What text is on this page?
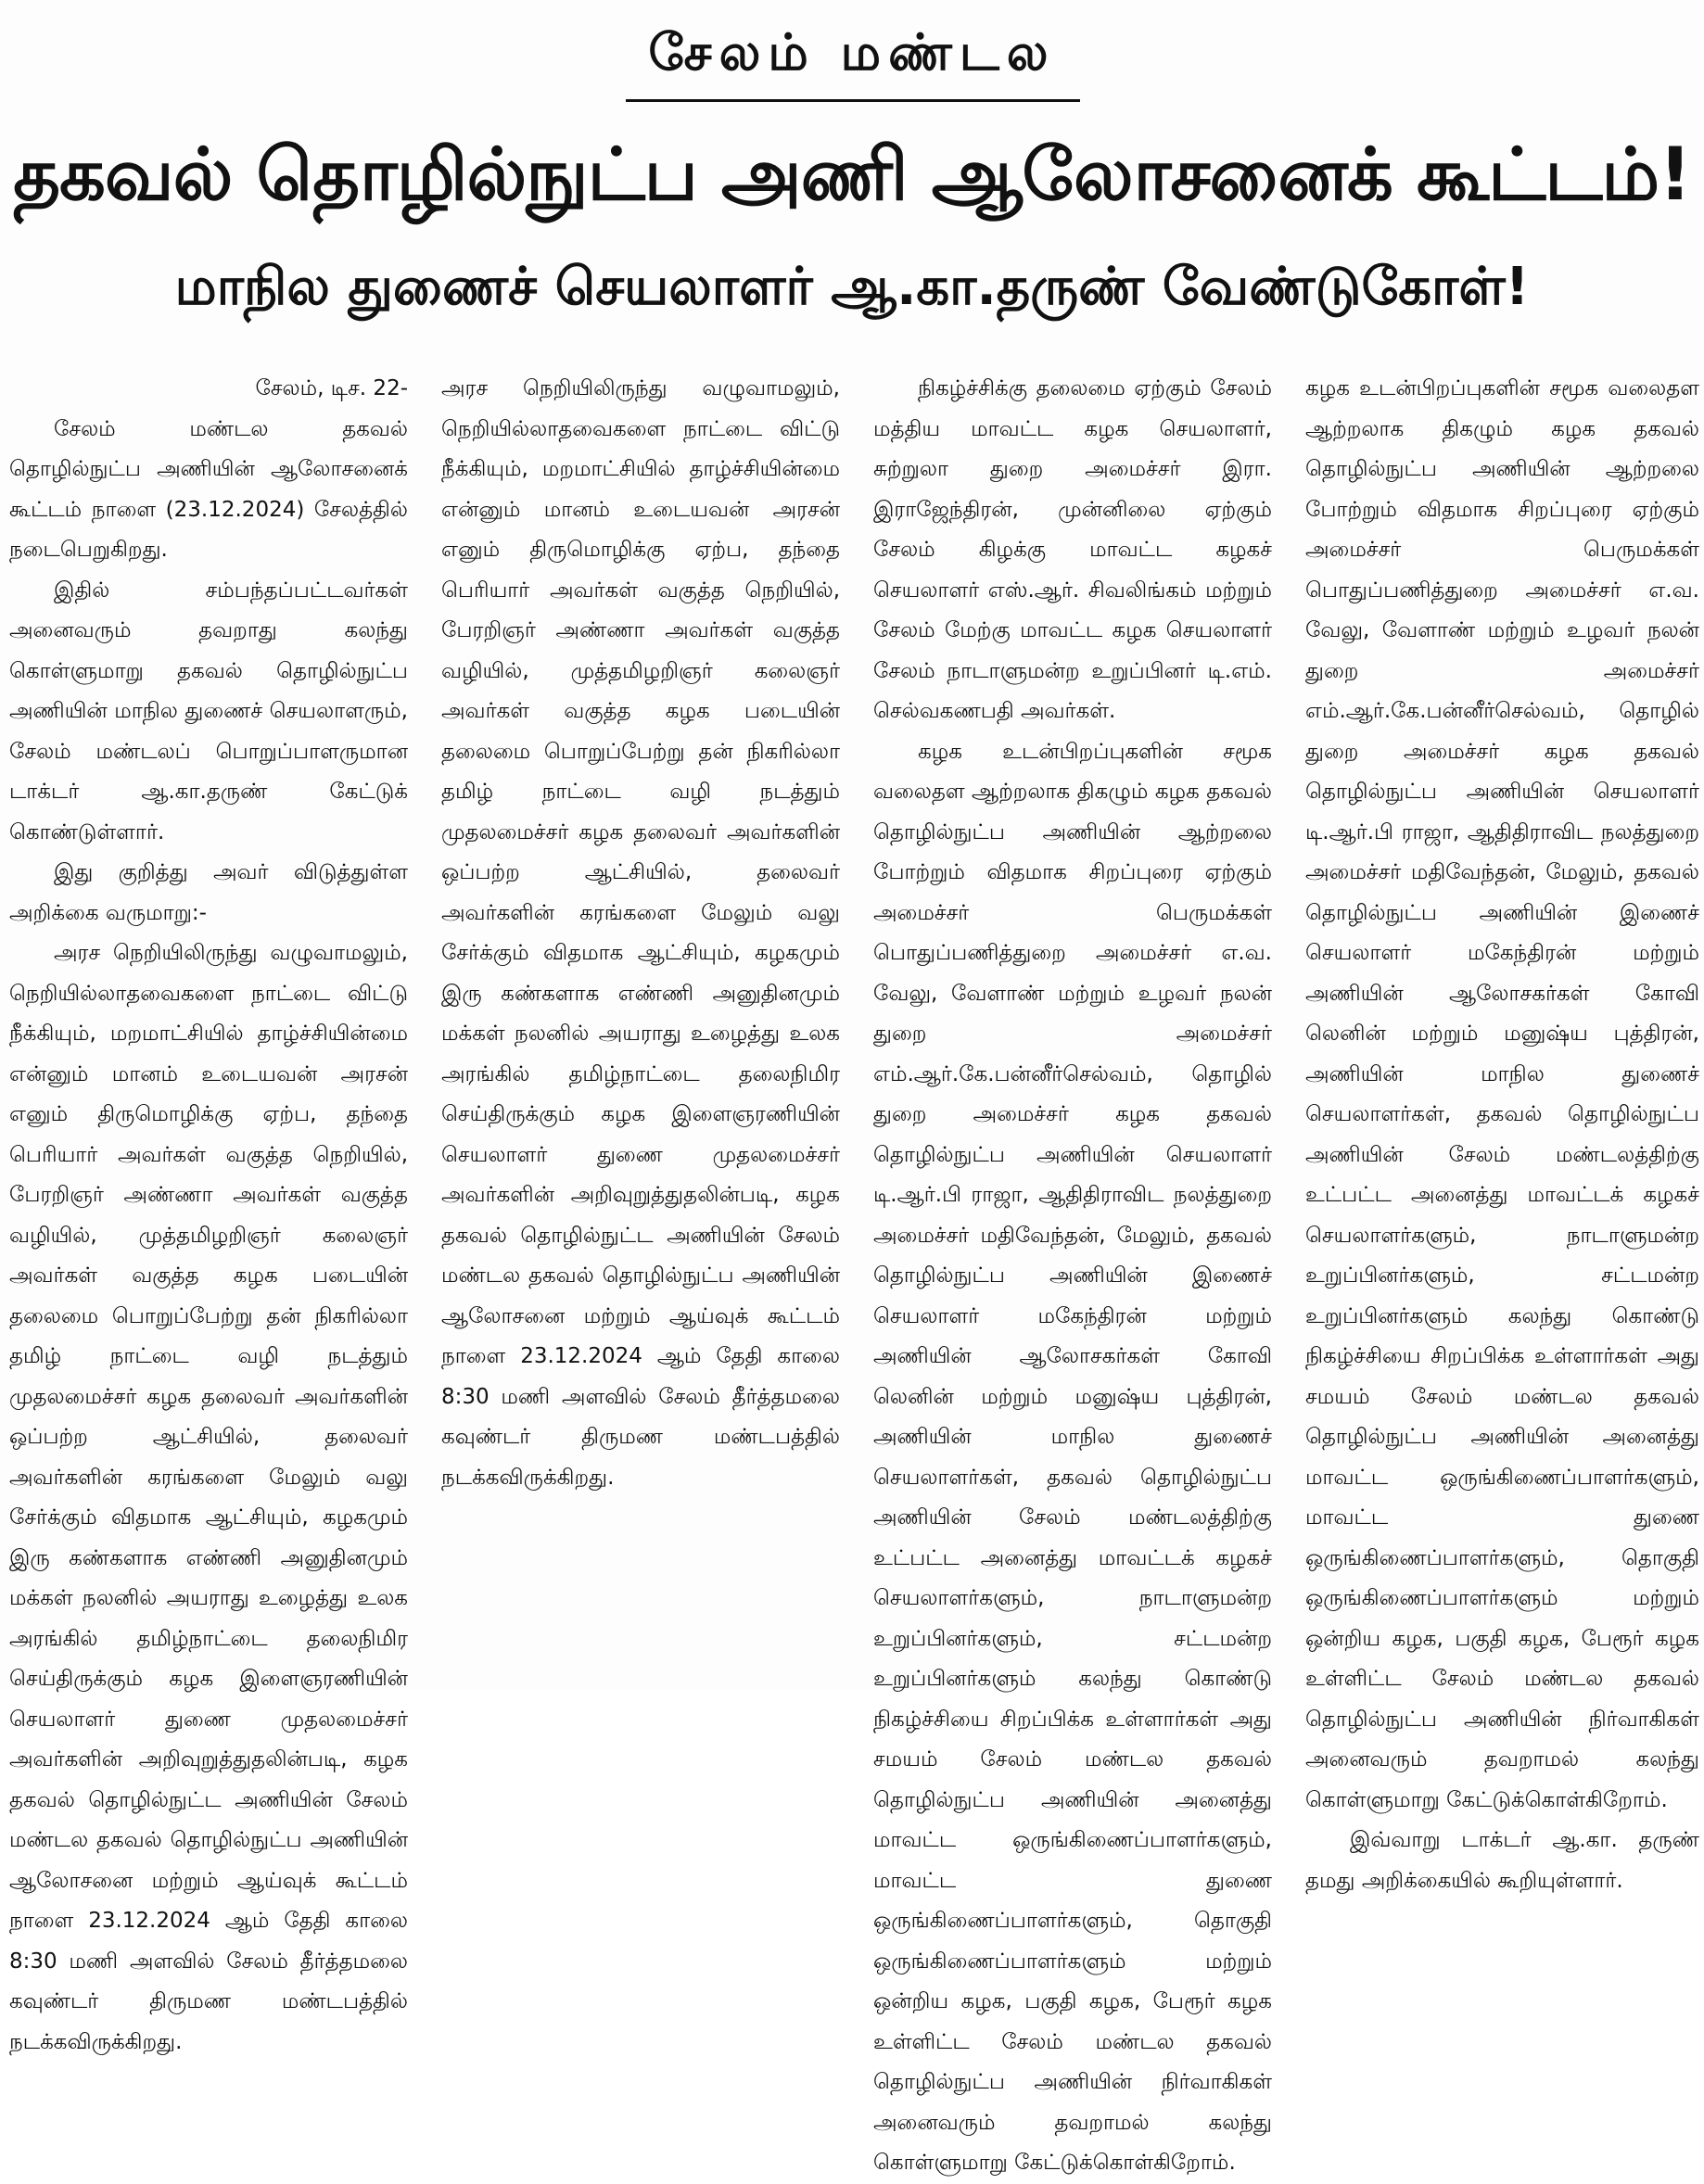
சேலம் மண்டல
தகவல் தொழில்நுட்ப அணி ஆலோசனைக் கூட்டம்!
மாநில துணைச் செயலாளர் ஆ.கா.தருண் வேண்டுகோள்!

சேலம், டிச. 22-

சேலம் மண்டல தகவல் தொழில்நுட்ப அணியின் ஆலோசனைக் கூட்டம் நாளை (23.12.2024) சேலத்தில் நடைபெறுகிறது.

இதில் சம்பந்தப்பட்டவர்கள் அனைவரும் தவறாது கலந்து கொள்ளுமாறு தகவல் தொழில்நுட்ப அணியின் மாநில துணைச் செயலாளரும், சேலம் மண்டலப் பொறுப்பாளருமான டாக்டர் ஆ.கா.தருண் கேட்டுக் கொண்டுள்ளார்.

இது குறித்து அவர் விடுத்துள்ள அறிக்கை வருமாறு:-

அரச நெறியிலிருந்து வழுவாமலும், நெறியில்லாதவைகளை நாட்டை விட்டு நீக்கியும், மறமாட்சியில் தாழ்ச்சியின்மை என்னும் மானம் உடையவன் அரசன் எனும் திருமொழிக்கு ஏற்ப, தந்தை பெரியார் அவர்கள் வகுத்த நெறியில், பேரறிஞர் அண்ணா அவர்கள் வகுத்த வழியில், முத்தமிழறிஞர் கலைஞர் அவர்கள் வகுத்த கழக படையின் தலைமை பொறுப்பேற்று தன் நிகரில்லா தமிழ் நாட்டை வழி நடத்தும் முதலமைச்சர் கழக தலைவர் அவர்களின் ஒப்பற்ற ஆட்சியில், தலைவர் அவர்களின் கரங்களை மேலும் வலு சேர்க்கும் விதமாக ஆட்சியும், கழகமும் இரு கண்களாக எண்ணி அனுதினமும் மக்கள் நலனில் அயராது உழைத்து உலக அரங்கில் தமிழ்நாட்டை தலைநிமிர செய்திருக்கும் கழக இளைஞரணியின் செயலாளர் துணை முதலமைச்சர் அவர்களின் அறிவுறுத்துதலின்படி, கழக தகவல் தொழில்நுட்ட அணியின் சேலம் மண்டல தகவல் தொழில்நுட்ப அணியின் ஆலோசனை மற்றும் ஆய்வுக் கூட்டம் நாளை 23.12.2024 ஆம் தேதி காலை 8:30 மணி அளவில் சேலம் தீர்த்தமலை கவுண்டர் திருமண மண்டபத்தில் நடக்கவிருக்கிறது.

அரச நெறியிலிருந்து வழுவாமலும், நெறியில்லாதவைகளை நாட்டை விட்டு நீக்கியும், மறமாட்சியில் தாழ்ச்சியின்மை என்னும் மானம் உடையவன் அரசன் எனும் திருமொழிக்கு ஏற்ப, தந்தை பெரியார் அவர்கள் வகுத்த நெறியில், பேரறிஞர் அண்ணா அவர்கள் வகுத்த வழியில், முத்தமிழறிஞர் கலைஞர் அவர்கள் வகுத்த கழக படையின் தலைமை பொறுப்பேற்று தன் நிகரில்லா தமிழ் நாட்டை வழி நடத்தும் முதலமைச்சர் கழக தலைவர் அவர்களின் ஒப்பற்ற ஆட்சியில், தலைவர் அவர்களின் கரங்களை மேலும் வலு சேர்க்கும் விதமாக ஆட்சியும், கழகமும் இரு கண்களாக எண்ணி அனுதினமும் மக்கள் நலனில் அயராது உழைத்து உலக அரங்கில் தமிழ்நாட்டை தலைநிமிர செய்திருக்கும் கழக இளைஞரணியின் செயலாளர் துணை முதலமைச்சர் அவர்களின் அறிவுறுத்துதலின்படி, கழக தகவல் தொழில்நுட்ட அணியின் சேலம் மண்டல தகவல் தொழில்நுட்ப அணியின் ஆலோசனை மற்றும் ஆய்வுக் கூட்டம் நாளை 23.12.2024 ஆம் தேதி காலை 8:30 மணி அளவில் சேலம் தீர்த்தமலை கவுண்டர் திருமண மண்டபத்தில் நடக்கவிருக்கிறது.

நிகழ்ச்சிக்கு தலைமை ஏற்கும் சேலம் மத்திய மாவட்ட கழக செயலாளர், சுற்றுலா துறை அமைச்சர் இரா. இராஜேந்திரன், முன்னிலை ஏற்கும் சேலம் கிழக்கு மாவட்ட கழகச் செயலாளர் எஸ்.ஆர். சிவலிங்கம் மற்றும் சேலம் மேற்கு மாவட்ட கழக செயலாளர் சேலம் நாடாளுமன்ற உறுப்பினர் டி.எம். செல்வகணபதி அவர்கள்.

கழக உடன்பிறப்புகளின் சமூக வலைதள ஆற்றலாக திகழும் கழக தகவல் தொழில்நுட்ப அணியின் ஆற்றலை போற்றும் விதமாக சிறப்புரை ஏற்கும் அமைச்சர் பெருமக்கள் பொதுப்பணித்துறை அமைச்சர் எ.வ. வேலு, வேளாண் மற்றும் உழவர் நலன் துறை அமைச்சர் எம்.ஆர்.கே.பன்னீர்செல்வம், தொழில் துறை அமைச்சர் கழக தகவல் தொழில்நுட்ப அணியின் செயலாளர் டி.ஆர்.பி ராஜா, ஆதிதிராவிட நலத்துறை அமைச்சர் மதிவேந்தன், மேலும், தகவல் தொழில்நுட்ப அணியின் இணைச் செயலாளர் மகேந்திரன் மற்றும் அணியின் ஆலோசகர்கள் கோவி லெனின் மற்றும் மனுஷ்ய புத்திரன், அணியின் மாநில துணைச் செயலாளர்கள், தகவல் தொழில்நுட்ப அணியின் சேலம் மண்டலத்திற்கு உட்பட்ட அனைத்து மாவட்டக் கழகச் செயலாளர்களும், நாடாளுமன்ற உறுப்பினர்களும், சட்டமன்ற உறுப்பினர்களும் கலந்து கொண்டு நிகழ்ச்சியை சிறப்பிக்க உள்ளார்கள் அது சமயம் சேலம் மண்டல தகவல் தொழில்நுட்ப அணியின் அனைத்து மாவட்ட ஒருங்கிணைப்பாளர்களும், மாவட்ட துணை ஒருங்கிணைப்பாளர்களும், தொகுதி ஒருங்கிணைப்பாளர்களும் மற்றும் ஒன்றிய கழக, பகுதி கழக, பேரூர் கழக உள்ளிட்ட சேலம் மண்டல தகவல் தொழில்நுட்ப அணியின் நிர்வாகிகள் அனைவரும் தவறாமல் கலந்து கொள்ளுமாறு கேட்டுக்கொள்கிறோம்.

கழக உடன்பிறப்புகளின் சமூக வலைதள ஆற்றலாக திகழும் கழக தகவல் தொழில்நுட்ப அணியின் ஆற்றலை போற்றும் விதமாக சிறப்புரை ஏற்கும் அமைச்சர் பெருமக்கள் பொதுப்பணித்துறை அமைச்சர் எ.வ. வேலு, வேளாண் மற்றும் உழவர் நலன் துறை அமைச்சர் எம்.ஆர்.கே.பன்னீர்செல்வம், தொழில் துறை அமைச்சர் கழக தகவல் தொழில்நுட்ப அணியின் செயலாளர் டி.ஆர்.பி ராஜா, ஆதிதிராவிட நலத்துறை அமைச்சர் மதிவேந்தன், மேலும், தகவல் தொழில்நுட்ப அணியின் இணைச் செயலாளர் மகேந்திரன் மற்றும் அணியின் ஆலோசகர்கள் கோவி லெனின் மற்றும் மனுஷ்ய புத்திரன், அணியின் மாநில துணைச் செயலாளர்கள், தகவல் தொழில்நுட்ப அணியின் சேலம் மண்டலத்திற்கு உட்பட்ட அனைத்து மாவட்டக் கழகச் செயலாளர்களும், நாடாளுமன்ற உறுப்பினர்களும், சட்டமன்ற உறுப்பினர்களும் கலந்து கொண்டு நிகழ்ச்சியை சிறப்பிக்க உள்ளார்கள் அது சமயம் சேலம் மண்டல தகவல் தொழில்நுட்ப அணியின் அனைத்து மாவட்ட ஒருங்கிணைப்பாளர்களும், மாவட்ட துணை ஒருங்கிணைப்பாளர்களும், தொகுதி ஒருங்கிணைப்பாளர்களும் மற்றும் ஒன்றிய கழக, பகுதி கழக, பேரூர் கழக உள்ளிட்ட சேலம் மண்டல தகவல் தொழில்நுட்ப அணியின் நிர்வாகிகள் அனைவரும் தவறாமல் கலந்து கொள்ளுமாறு கேட்டுக்கொள்கிறோம்.

இவ்வாறு டாக்டர் ஆ.கா. தருண் தமது அறிக்கையில் கூறியுள்ளார்.
